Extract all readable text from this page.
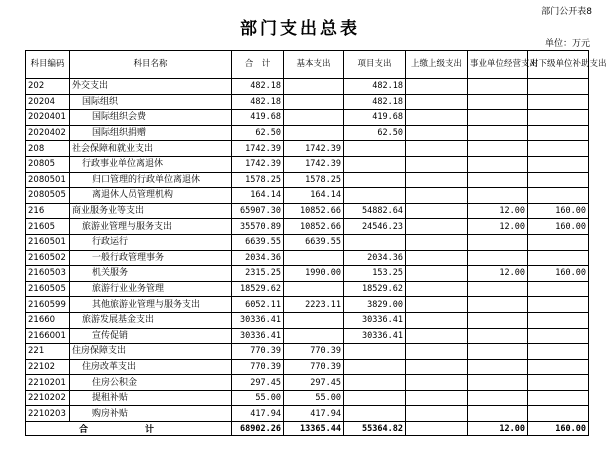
部门公开表8
部门支出总表
单位：万元
科目编码	科目名称	合　计	基本支出	项目支出	上缴上级支出	事业单位经营支出	对下级单位补助支出
202	外交支出	482.18		482.18			
20204	国际组织	482.18		482.18			
2020401	国际组织会费	419.68		419.68			
2020402	国际组织捐赠	62.50		62.50			
208	社会保障和就业支出	1742.39	1742.39				
20805	行政事业单位离退休	1742.39	1742.39				
2080501	归口管理的行政单位离退休	1578.25	1578.25				
2080505	离退休人员管理机构	164.14	164.14				
216	商业服务业等支出	65907.30	10852.66	54882.64		12.00	160.00
21605	旅游业管理与服务支出	35570.89	10852.66	24546.23		12.00	160.00
2160501	行政运行	6639.55	6639.55				
2160502	一般行政管理事务	2034.36		2034.36			
2160503	机关服务	2315.25	1990.00	153.25		12.00	160.00
2160505	旅游行业业务管理	18529.62		18529.62			
2160599	其他旅游业管理与服务支出	6052.11	2223.11	3829.00			
21660	旅游发展基金支出	30336.41		30336.41			
2166001	宣传促销	30336.41		30336.41			
221	住房保障支出	770.39	770.39				
22102	住房改革支出	770.39	770.39				
2210201	住房公积金	297.45	297.45				
2210202	提租补贴	55.00	55.00				
2210203	购房补贴	417.94	417.94				
合　计		68902.26	13365.44	55364.82		12.00	160.00
